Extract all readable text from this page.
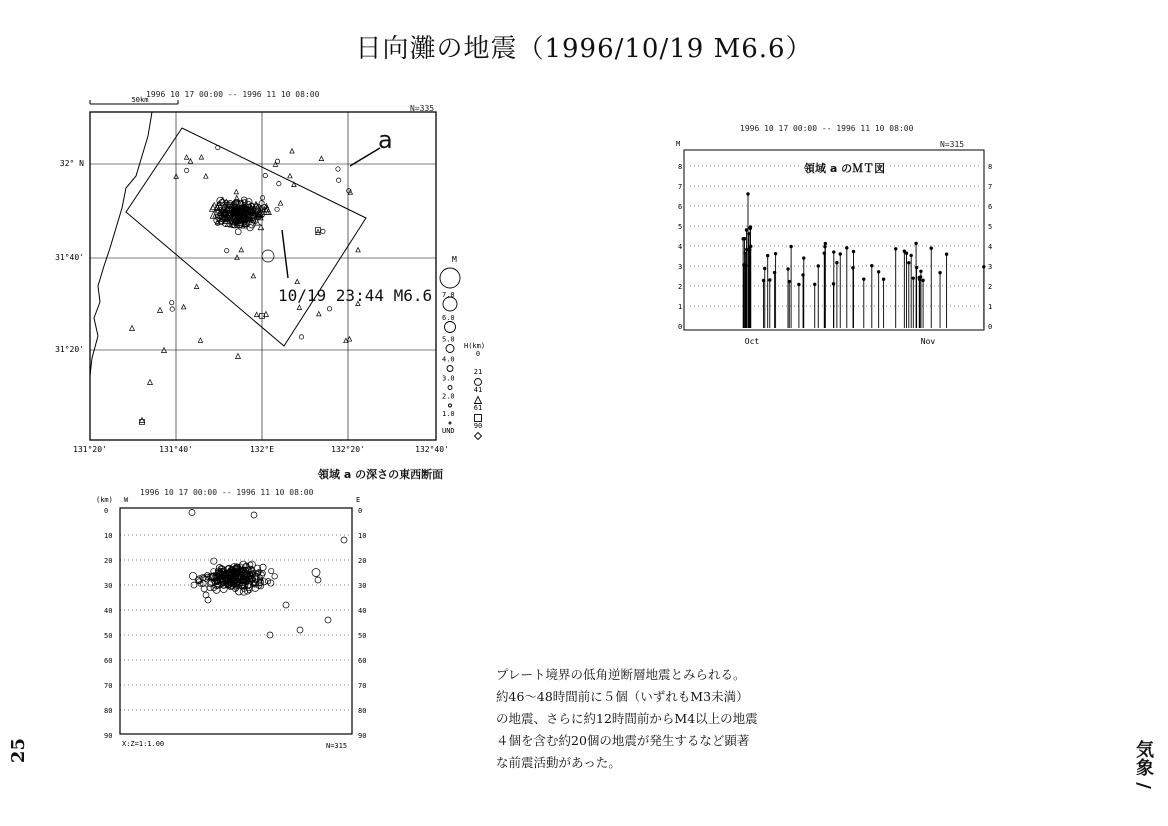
日向灘の地震（1996/10/19 M6.6）
1996 10 17 00:00 -- 1996 11 10 08:00
N=335
50km
32° N
31°40'
31°20'
131°20'	131°40'	132°E	132°20'	132°40'
a
10/19 23:44 M6.6
M
7.0
6.0
5.0
4.0
3.0
2.0
1.0
UND
H(km)
0
21
41
61
90
1996 10 17 00:00 -- 1996 11 10 08:00
N=315
M
0	0
1	1
2	2
3	3
4	4
5	5
6	6
7	7
8	8
Oct	Nov
領域 a のＭＴ図
領域 a の深さの東西断面
1996 10 17 00:00 -- 1996 11 10 08:00
(km) W	E
0	0
10	10
20	20
30	30
40	40
50	50
60	60
70	70
80	80
90	90
X:Z=1:1.00	N=315
プレート境界の低角逆断層地震とみられる。
約46～48時間前に５個（いずれもM3未満）
の地震、さらに約12時間前からM4以上の地震
４個を含む約20個の地震が発生するなど顕著
な前震活動があった。
25	気象 /
